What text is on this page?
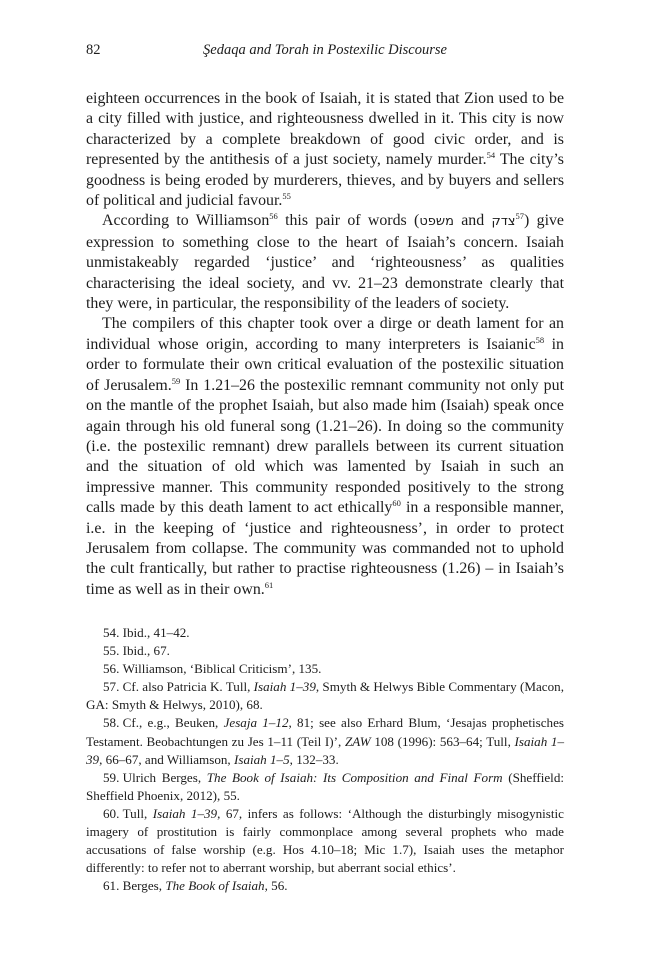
82	Şedaqa and Torah in Postexilic Discourse

eighteen occurrences in the book of Isaiah, it is stated that Zion used to be a city filled with justice, and righteousness dwelled in it. This city is now characterized by a complete breakdown of good civic order, and is represented by the antithesis of a just society, namely murder.$^{54}$ The city’s goodness is being eroded by murderers, thieves, and by buyers and sellers of political and judicial favour.$^{55}$

According to Williamson$^{56}$ this pair of words (משפט and צדק$^{57}$) give expression to something close to the heart of Isaiah’s concern. Isaiah unmistakeably regarded ‘justice’ and ‘righteousness’ as qualities characterising the ideal society, and vv. 21–23 demonstrate clearly that they were, in particular, the responsibility of the leaders of society.

The compilers of this chapter took over a dirge or death lament for an individual whose origin, according to many interpreters is Isaianic$^{58}$ in order to formulate their own critical evaluation of the postexilic situation of Jerusalem.$^{59}$ In 1.21–26 the postexilic remnant community not only put on the mantle of the prophet Isaiah, but also made him (Isaiah) speak once again through his old funeral song (1.21–26). In doing so the community (i.e. the postexilic remnant) drew parallels between its current situation and the situation of old which was lamented by Isaiah in such an impressive manner. This community responded positively to the strong calls made by this death lament to act ethically$^{60}$ in a responsible manner, i.e. in the keeping of ‘justice and righteousness’, in order to protect Jerusalem from collapse. The community was commanded not to uphold the cult frantically, but rather to practise righteousness (1.26) – in Isaiah’s time as well as in their own.$^{61}$

54. Ibid., 41–42.
55. Ibid., 67.
56. Williamson, ‘Biblical Criticism’, 135.
57. Cf. also Patricia K. Tull, Isaiah 1–39, Smyth & Helwys Bible Commentary (Macon, GA: Smyth & Helwys, 2010), 68.
58. Cf., e.g., Beuken, Jesaja 1–12, 81; see also Erhard Blum, ‘Jesajas prophetisches Testament. Beobachtungen zu Jes 1–11 (Teil I)’, ZAW 108 (1996): 563–64; Tull, Isaiah 1–39, 66–67, and Williamson, Isaiah 1–5, 132–33.
59. Ulrich Berges, The Book of Isaiah: Its Composition and Final Form (Sheffield: Sheffield Phoenix, 2012), 55.
60. Tull, Isaiah 1–39, 67, infers as follows: ‘Although the disturbingly misogynistic imagery of prostitution is fairly commonplace among several prophets who made accusations of false worship (e.g. Hos 4.10–18; Mic 1.7), Isaiah uses the metaphor differently: to refer not to aberrant worship, but aberrant social ethics’.
61. Berges, The Book of Isaiah, 56.
